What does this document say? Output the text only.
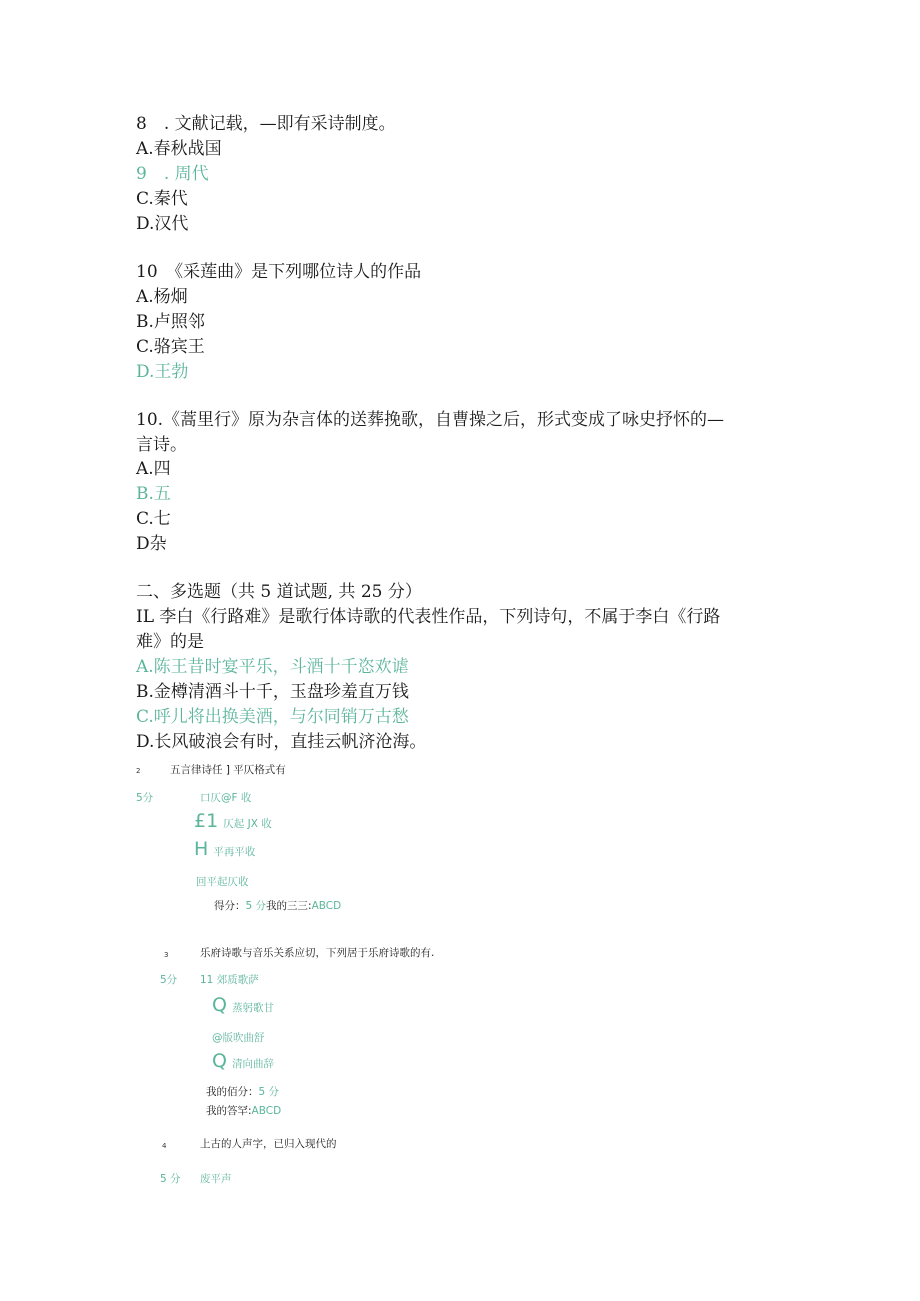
8　. 文献记载，—即有采诗制度。
A.春秋战国
9　. 周代
C.秦代
D.汉代
10　《采莲曲》是下列哪位诗人的作品
A.杨炯
B.卢照邻
C.骆宾王
D.王勃
10.《蒿里行》原为杂言体的送葬挽歌，自曹操之后，形式变成了咏史抒怀的—
言诗。
A.四
B.五
C.七
D杂
二、多选题（共 5 道试题, 共 25 分）
IL 李白《行路难》是歌行体诗歌的代表性作品，下列诗句，不属于李白《行路
难》的是
A.陈王昔时宴平乐，斗酒十千恣欢谑
B.金樽清酒斗十千，玉盘珍羞直万钱
C.呼儿将出换美酒，与尔同销万古愁
D.长风破浪会有时，直挂云帆济沧海。
2	五言律诗任 ] 平仄格式有
5分	口仄@F 收
£1 仄起 JX 收
H 平再平收
回平起仄收
得分：5 分我的三三:ABCD
3	乐府诗歌与音乐关系应切，下列居于乐府诗歌的有.
5分 11 郊质歌萨
Q 蒸躬歌甘
@版吹曲舒
Q 清向曲辞
我的佰分：5 分
我的答罕:ABCD
4	上古的人声字，已归入现代的
5 分 废平声
